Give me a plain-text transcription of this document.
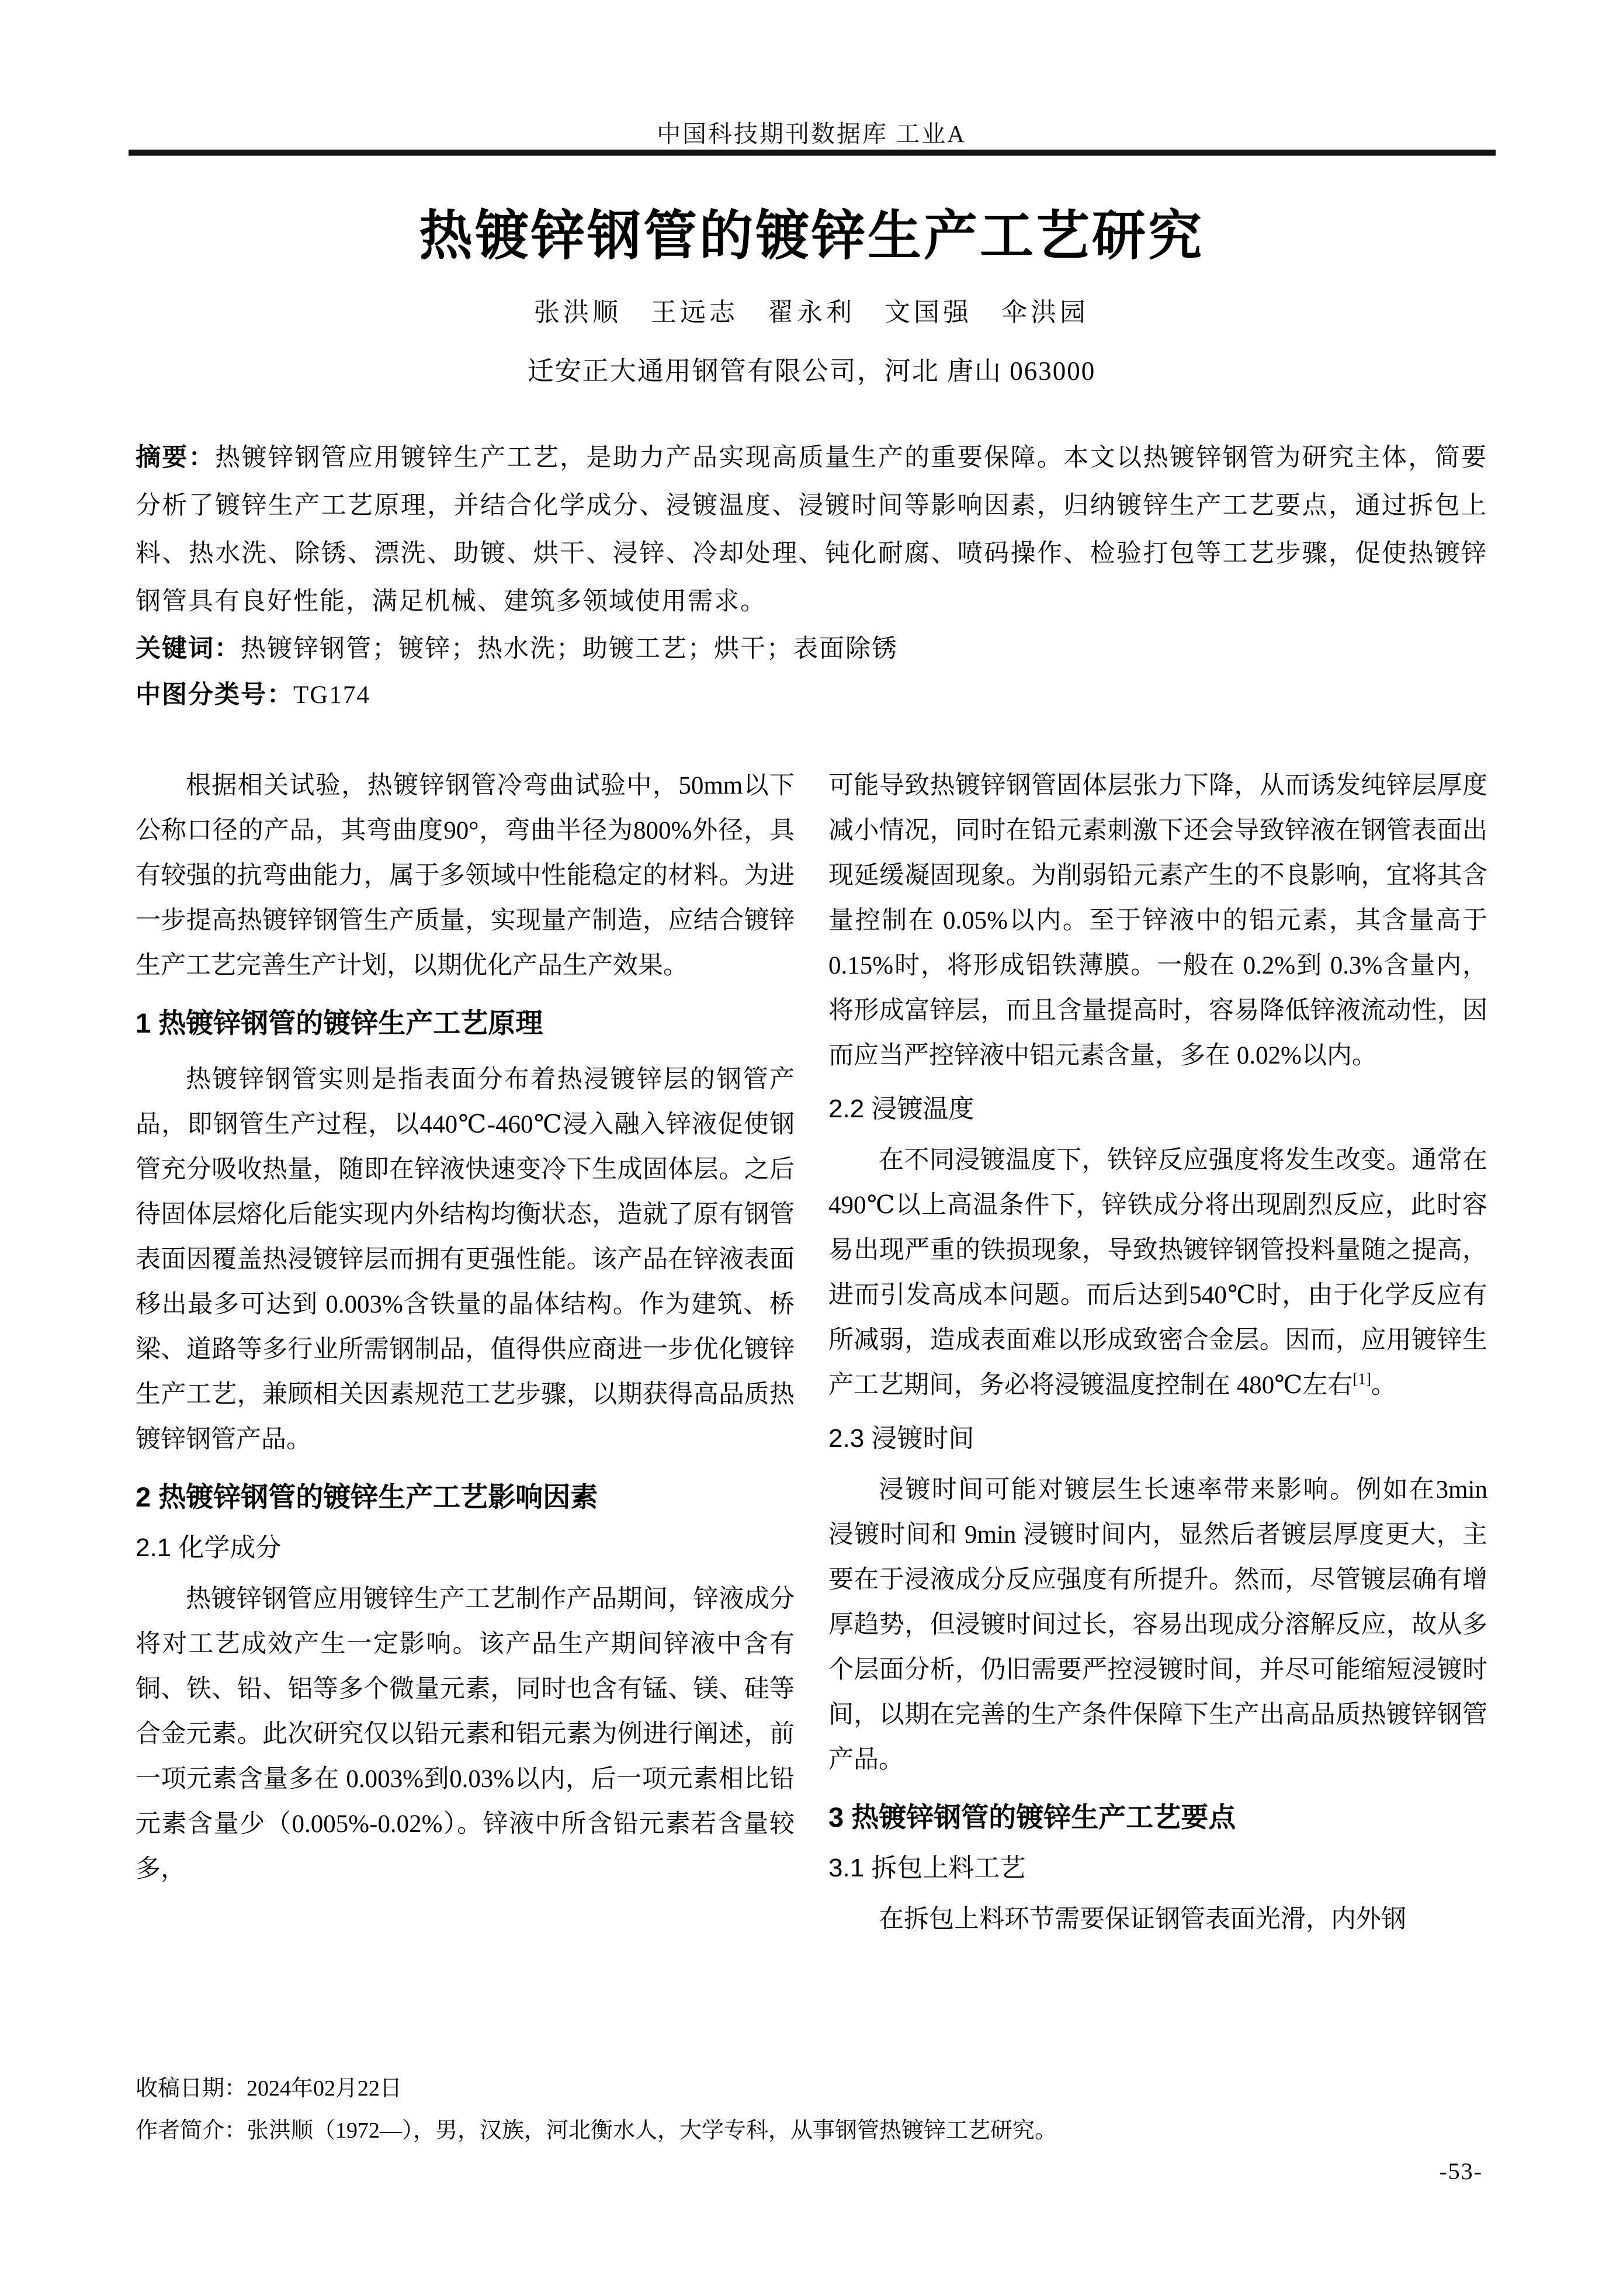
中国科技期刊数据库 工业A
热镀锌钢管的镀锌生产工艺研究
张洪顺　王远志　翟永利　文国强　伞洪园
迁安正大通用钢管有限公司，河北 唐山 063000

摘要：热镀锌钢管应用镀锌生产工艺，是助力产品实现高质量生产的重要保障。本文以热镀锌钢管为研究主体，简要分析了镀锌生产工艺原理，并结合化学成分、浸镀温度、浸镀时间等影响因素，归纳镀锌生产工艺要点，通过拆包上料、热水洗、除锈、漂洗、助镀、烘干、浸锌、冷却处理、钝化耐腐、喷码操作、检验打包等工艺步骤，促使热镀锌钢管具有良好性能，满足机械、建筑多领域使用需求。

关键词：热镀锌钢管；镀锌；热水洗；助镀工艺；烘干；表面除锈

中图分类号：TG174

根据相关试验，热镀锌钢管冷弯曲试验中，50mm以下公称口径的产品，其弯曲度90°，弯曲半径为800%外径，具有较强的抗弯曲能力，属于多领域中性能稳定的材料。为进一步提高热镀锌钢管生产质量，实现量产制造，应结合镀锌生产工艺完善生产计划，以期优化产品生产效果。

1 热镀锌钢管的镀锌生产工艺原理

热镀锌钢管实则是指表面分布着热浸镀锌层的钢管产品，即钢管生产过程，以440℃-460℃浸入融入锌液促使钢管充分吸收热量，随即在锌液快速变冷下生成固体层。之后待固体层熔化后能实现内外结构均衡状态，造就了原有钢管表面因覆盖热浸镀锌层而拥有更强性能。该产品在锌液表面移出最多可达到 0.003%含铁量的晶体结构。作为建筑、桥梁、道路等多行业所需钢制品，值得供应商进一步优化镀锌生产工艺，兼顾相关因素规范工艺步骤，以期获得高品质热镀锌钢管产品。

2 热镀锌钢管的镀锌生产工艺影响因素
2.1 化学成分

热镀锌钢管应用镀锌生产工艺制作产品期间，锌液成分将对工艺成效产生一定影响。该产品生产期间锌液中含有铜、铁、铅、铝等多个微量元素，同时也含有锰、镁、硅等合金元素。此次研究仅以铅元素和铝元素为例进行阐述，前一项元素含量多在 0.003%到0.03%以内，后一项元素相比铅元素含量少（0.005%-0.02%）。锌液中所含铅元素若含量较多，

可能导致热镀锌钢管固体层张力下降，从而诱发纯锌层厚度减小情况，同时在铅元素刺激下还会导致锌液在钢管表面出现延缓凝固现象。为削弱铅元素产生的不良影响，宜将其含量控制在 0.05%以内。至于锌液中的铝元素，其含量高于 0.15%时，将形成铝铁薄膜。一般在 0.2%到 0.3%含量内，将形成富锌层，而且含量提高时，容易降低锌液流动性，因而应当严控锌液中铝元素含量，多在 0.02%以内。

2.2 浸镀温度

在不同浸镀温度下，铁锌反应强度将发生改变。通常在 490℃以上高温条件下，锌铁成分将出现剧烈反应，此时容易出现严重的铁损现象，导致热镀锌钢管投料量随之提高，进而引发高成本问题。而后达到540℃时，由于化学反应有所减弱，造成表面难以形成致密合金层。因而，应用镀锌生产工艺期间，务必将浸镀温度控制在 480℃左右[1]。

2.3 浸镀时间

浸镀时间可能对镀层生长速率带来影响。例如在3min 浸镀时间和 9min 浸镀时间内，显然后者镀层厚度更大，主要在于浸液成分反应强度有所提升。然而，尽管镀层确有增厚趋势，但浸镀时间过长，容易出现成分溶解反应，故从多个层面分析，仍旧需要严控浸镀时间，并尽可能缩短浸镀时间，以期在完善的生产条件保障下生产出高品质热镀锌钢管产品。

3 热镀锌钢管的镀锌生产工艺要点
3.1 拆包上料工艺

在拆包上料环节需要保证钢管表面光滑，内外钢

收稿日期：2024年02月22日

作者简介：张洪顺（1972—），男，汉族，河北衡水人，大学专科，从事钢管热镀锌工艺研究。

-53-
